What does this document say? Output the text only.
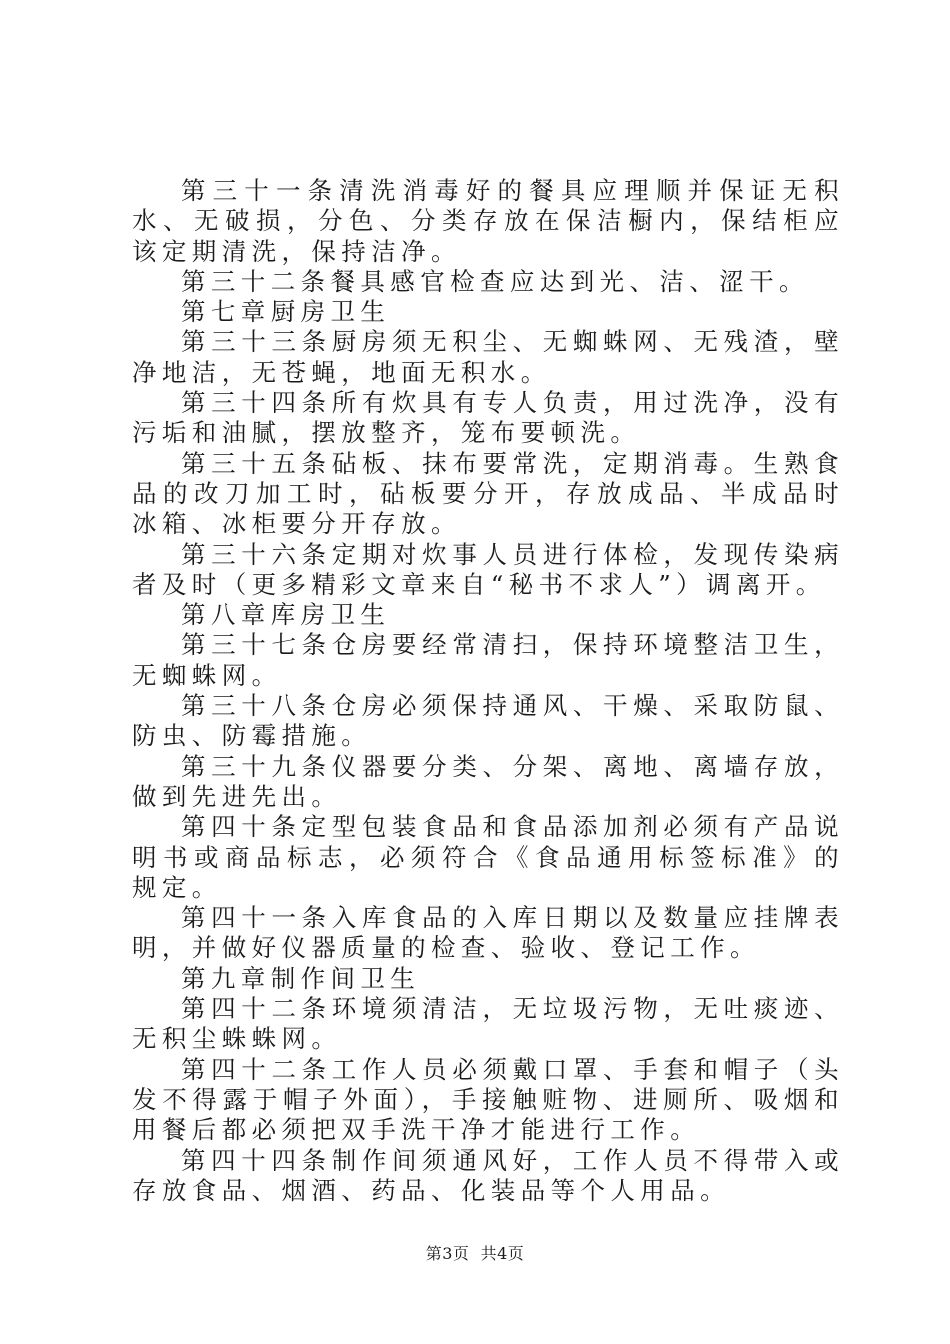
第三十一条清洗消毒好的餐具应理顺并保证无积水、无破损，分色、分类存放在保洁橱内，保结柜应该定期清洗，保持洁净。

第三十二条餐具感官检查应达到光、洁、涩干。

第七章厨房卫生

第三十三条厨房须无积尘、无蜘蛛网、无残渣，壁净地洁，无苍蝇，地面无积水。

第三十四条所有炊具有专人负责，用过洗净，没有污垢和油腻，摆放整齐，笼布要顿洗。

第三十五条砧板、抹布要常洗，定期消毒。生熟食品的改刀加工时，砧板要分开，存放成品、半成品时冰箱、冰柜要分开存放。

第三十六条定期对炊事人员进行体检，发现传染病者及时（更多精彩文章来自“秘书不求人”）调离开。

第八章库房卫生

第三十七条仓房要经常清扫，保持环境整洁卫生，无蜘蛛网。

第三十八条仓房必须保持通风、干燥、采取防鼠、防虫、防霉措施。

第三十九条仪器要分类、分架、离地、离墙存放，做到先进先出。

第四十条定型包装食品和食品添加剂必须有产品说明书或商品标志，必须符合《食品通用标签标准》的规定。

第四十一条入库食品的入库日期以及数量应挂牌表明，并做好仪器质量的检查、验收、登记工作。

第九章制作间卫生

第四十二条环境须清洁，无垃圾污物，无吐痰迹、无积尘蛛蛛网。

第四十二条工作人员必须戴口罩、手套和帽子（头发不得露于帽子外面），手接触赃物、进厕所、吸烟和用餐后都必须把双手洗干净才能进行工作。

第四十四条制作间须通风好，工作人员不得带入或存放食品、烟酒、药品、化装品等个人用品。

第3页  共4页
